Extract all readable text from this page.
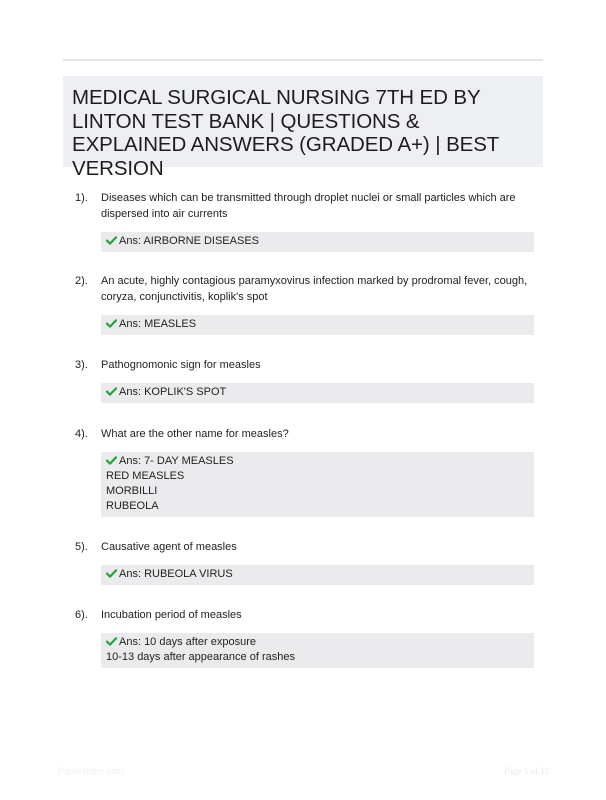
MEDICAL SURGICAL NURSING 7TH ED BY LINTON TEST BANK | QUESTIONS & EXPLAINED ANSWERS (GRADED A+) | BEST VERSION
1). Diseases which can be transmitted through droplet nuclei or small particles which are dispersed into air currents
Ans: AIRBORNE DISEASES
2). An acute, highly contagious paramyxovirus infection marked by prodromal fever, cough, coryza, conjunctivitis, koplik's spot
Ans: MEASLES
3). Pathognomonic sign for measles
Ans: KOPLIK'S SPOT
4). What are the other name for measles?
Ans: 7- DAY MEASLES
RED MEASLES
MORBILLI
RUBEOLA
5). Causative agent of measles
Ans: RUBEOLA VIRUS
6). Incubation period of measles
Ans: 10 days after exposure
10-13 days after appearance of rashes
Paperstube.com	Page 1 of 11
